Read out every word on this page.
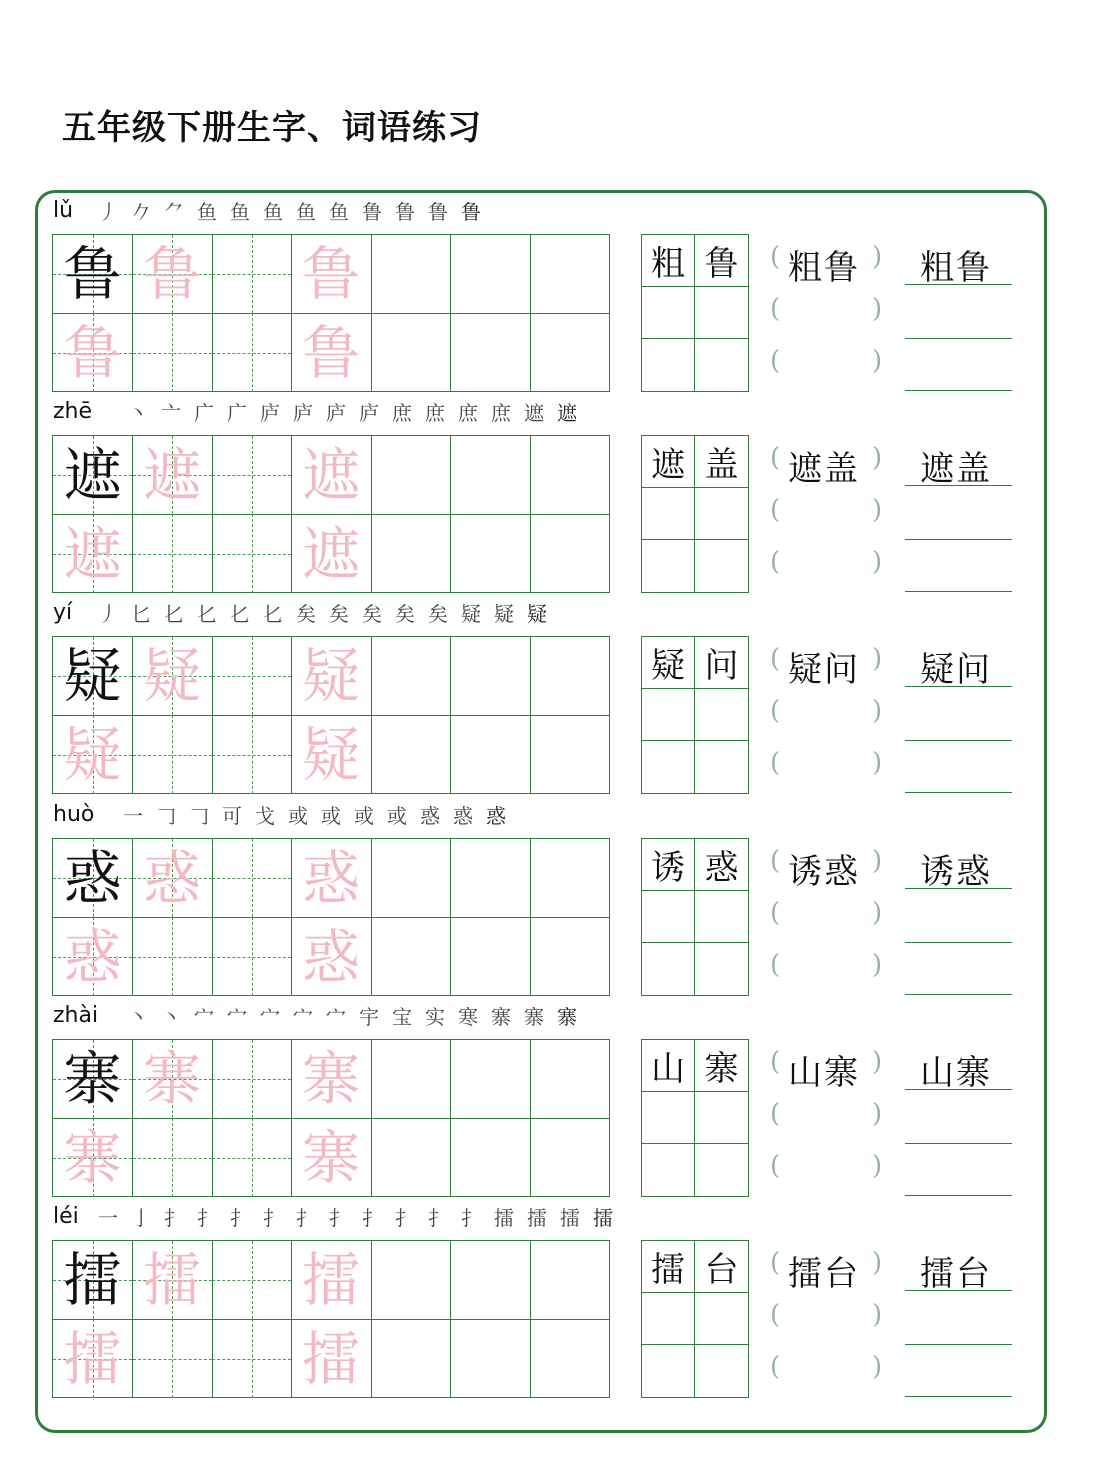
五年级下册生字、词语练习
lǔ 丿 𠂊 ⺈ 鱼 鱼 鱼 鱼 鱼 鲁 鲁 鲁 鲁
鲁 鲁 鲁
鲁	鲁
粗 鲁	(	)
(	)
(	)
粗鲁 粗鲁
zhē 丶 亠 广 广 庐 庐 庐 庐 庶 庶 庶 庶 遮 遮
遮 遮 遮
遮	遮
遮 盖	(	)
(	)
(	)
遮盖 遮盖
yí 丿 匕 𠤎 𠤎 𠤎 𠤎 矣 矣 矣 矣 矣 疑 疑 疑
疑 疑 疑
疑	疑
疑 问	(	)
(	)
(	)
疑问 疑问
huò 一 𠃌 𠃌 可 戈 或 或 或 或 惑 惑 惑
惑 惑 惑
惑	惑
诱 惑	(	)
(	)
(	)
诱惑 诱惑
zhài 丶 丶 宀 宀 宀 宀 宀 宇 宝 实 寒 寨 寨 寨
寨 寨 寨
寨	寨
山 寨	(	)
(	)
(	)
山寨 山寨
léi 一 亅 扌 扌 扌 扌 扌 扌 扌 扌 扌 扌 擂 擂 擂 擂
擂 擂 擂
擂	擂
擂 台	(	)
(	)
(	)
擂台 擂台
